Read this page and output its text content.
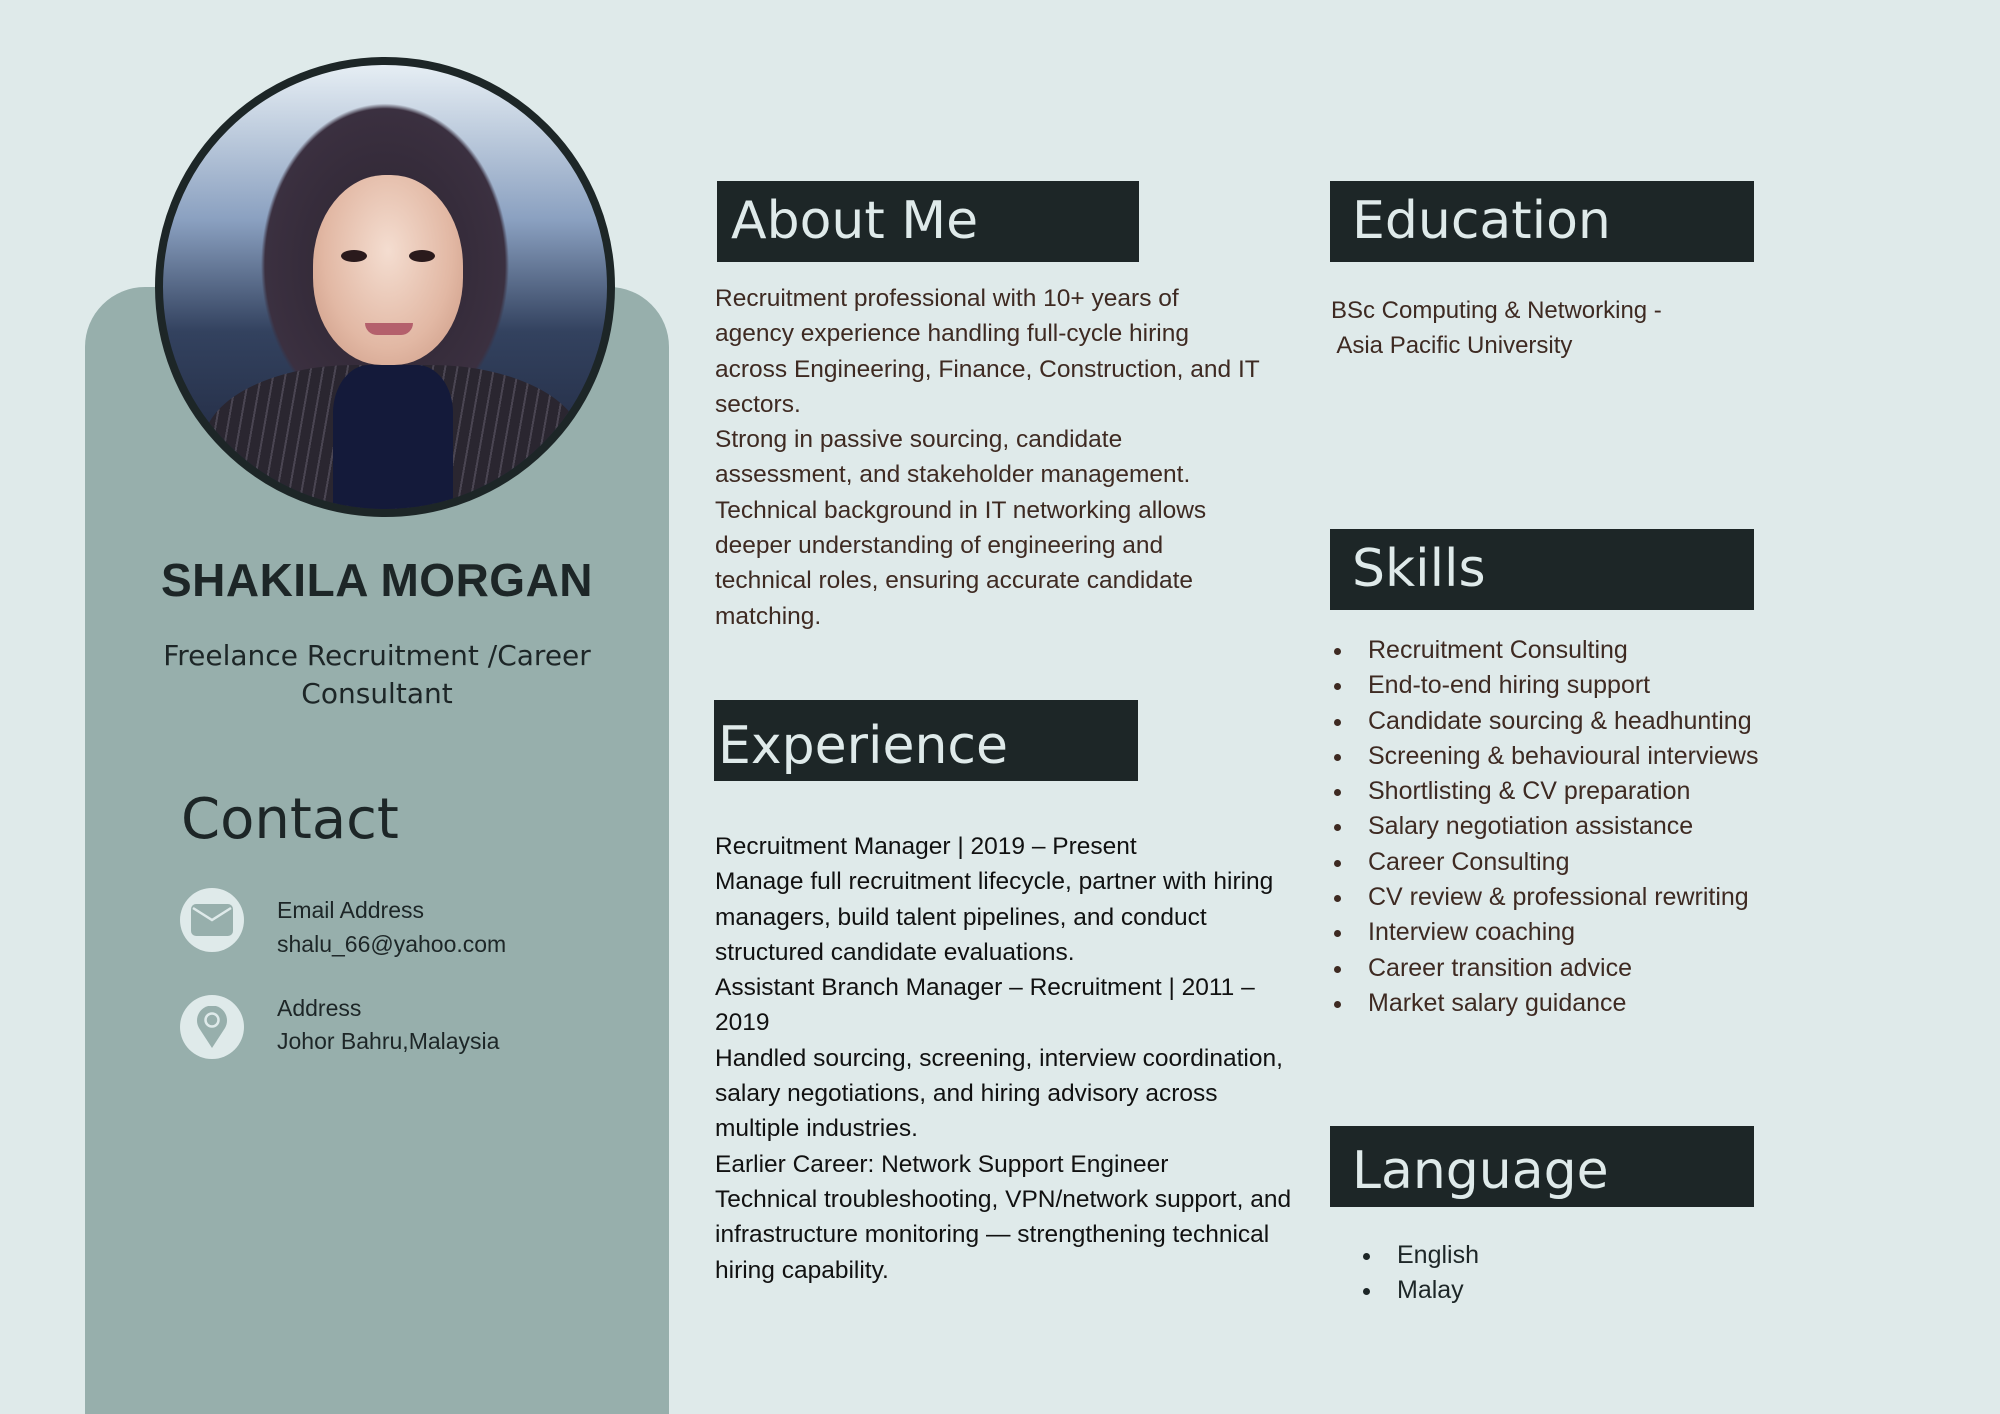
SHAKILA MORGAN
Freelance Recruitment /Career
Consultant
Contact
Email Address
shalu_66@yahoo.com
Address
Johor Bahru,Malaysia
About Me
Recruitment professional with 10+ years of
agency experience handling full-cycle hiring
across Engineering, Finance, Construction, and IT
sectors.
Strong in passive sourcing, candidate
assessment, and stakeholder management.
Technical background in IT networking allows
deeper understanding of engineering and
technical roles, ensuring accurate candidate
matching.
Experience
Recruitment Manager | 2019 – Present
Manage full recruitment lifecycle, partner with hiring
managers, build talent pipelines, and conduct
structured candidate evaluations.
Assistant Branch Manager – Recruitment | 2011 –
2019
Handled sourcing, screening, interview coordination,
salary negotiations, and hiring advisory across
multiple industries.
Earlier Career: Network Support Engineer
Technical troubleshooting, VPN/network support, and
infrastructure monitoring — strengthening technical
hiring capability.
Education
BSc Computing & Networking -
Asia Pacific University
Skills
Recruitment Consulting
End-to-end hiring support
Candidate sourcing & headhunting
Screening & behavioural interviews
Shortlisting & CV preparation
Salary negotiation assistance
Career Consulting
CV review & professional rewriting
Interview coaching
Career transition advice
Market salary guidance
Language
English
Malay
